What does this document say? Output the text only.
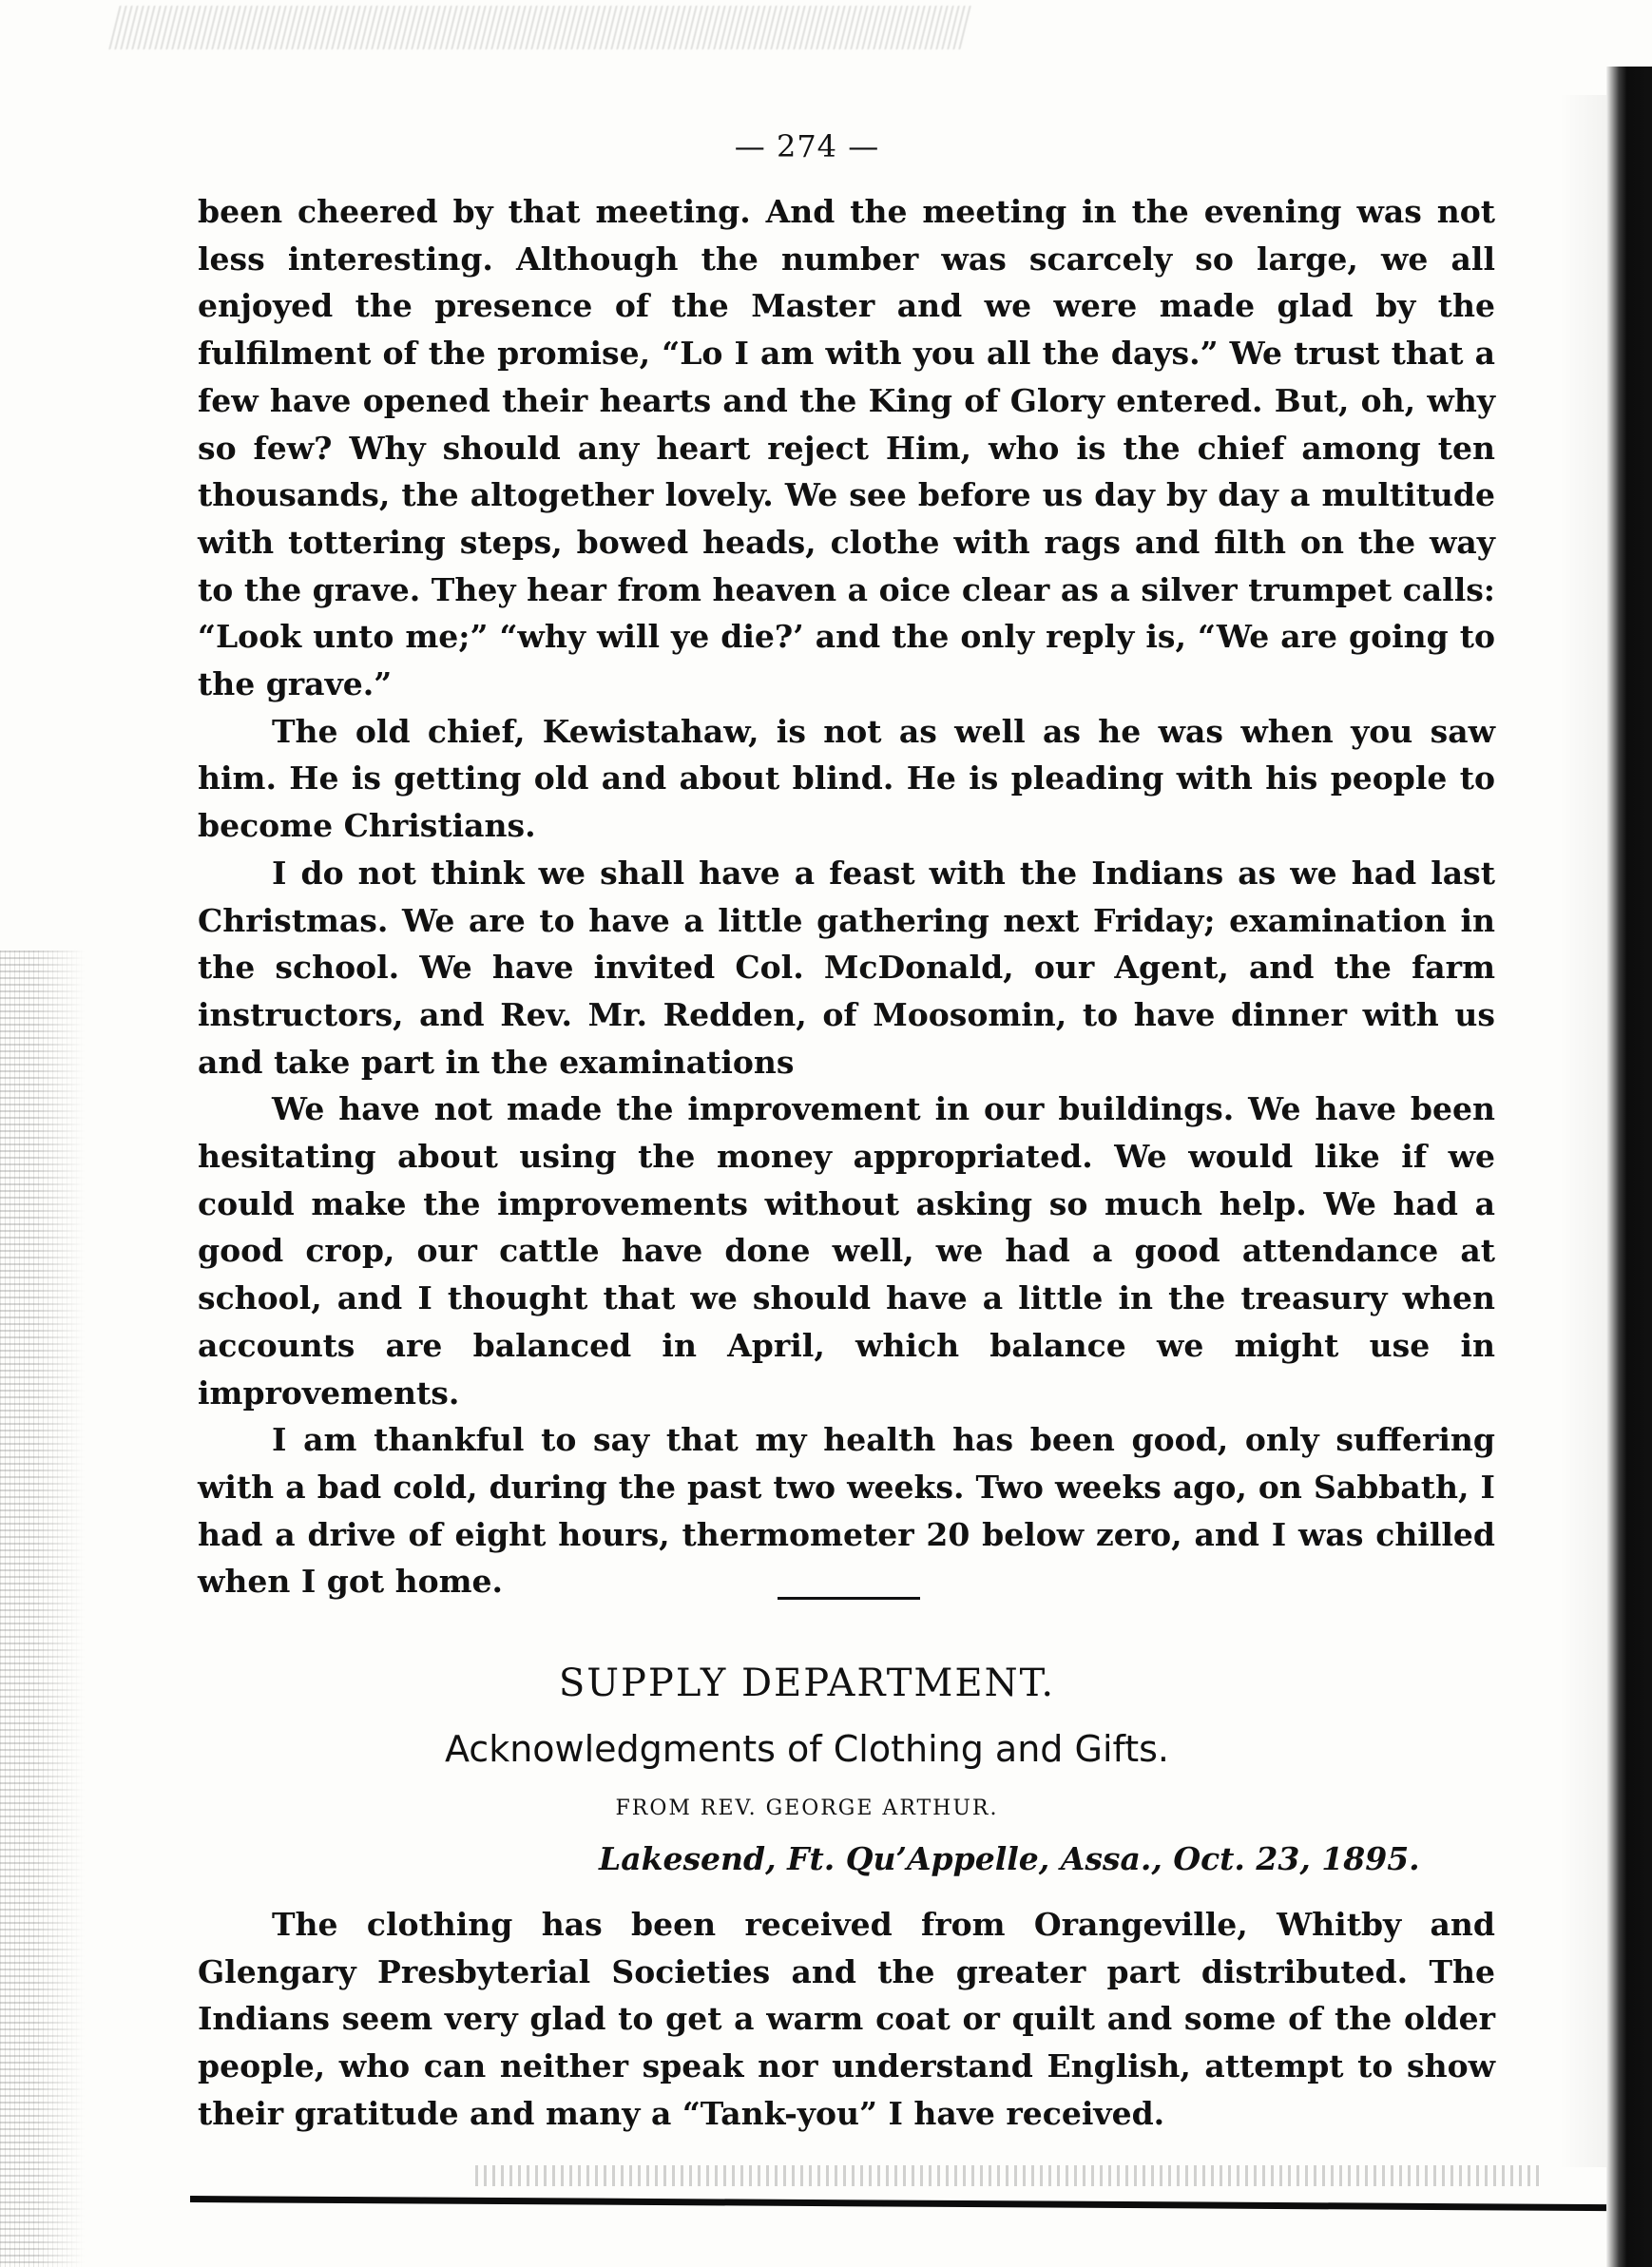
— 274 —

been cheered by that meeting. And the meeting in the evening was not less interesting. Although the number was scarcely so large, we all enjoyed the presence of the Master and we were made glad by the fulfilment of the promise, “Lo I am with you all the days.” We trust that a few have opened their hearts and the King of Glory entered. But, oh, why so few? Why should any heart reject Him, who is the chief among ten thousands, the altogether lovely. We see before us day by day a multitude with tottering steps, bowed heads, clothe with rags and filth on the way to the grave. They hear from heaven a oice clear as a silver trumpet calls: “Look unto me;” “why will ye die?’ and the only reply is, “We are going to the grave.”

The old chief, Kewistahaw, is not as well as he was when you saw him. He is getting old and about blind. He is pleading with his people to become Christians.

I do not think we shall have a feast with the Indians as we had last Christmas. We are to have a little gathering next Friday; examination in the school. We have invited Col. McDonald, our Agent, and the farm instructors, and Rev. Mr. Redden, of Moosomin, to have dinner with us and take part in the examinations

We have not made the improvement in our buildings. We have been hesitating about using the money appropriated. We would like if we could make the improvements without asking so much help. We had a good crop, our cattle have done well, we had a good attendance at school, and I thought that we should have a little in the treasury when accounts are balanced in April, which balance we might use in improvements.

I am thankful to say that my health has been good, only suffering with a bad cold, during the past two weeks. Two weeks ago, on Sabbath, I had a drive of eight hours, thermometer 20 below zero, and I was chilled when I got home.

SUPPLY DEPARTMENT.
Acknowledgments of Clothing and Gifts.
FROM REV. GEORGE ARTHUR.
Lakesend, Ft. Qu’Appelle, Assa., Oct. 23, 1895.

The clothing has been received from Orangeville, Whitby and Glengary Presbyterial Societies and the greater part distributed. The Indians seem very glad to get a warm coat or quilt and some of the older people, who can neither speak nor understand English, attempt to show their gratitude and many a “Tank-you” I have received.
